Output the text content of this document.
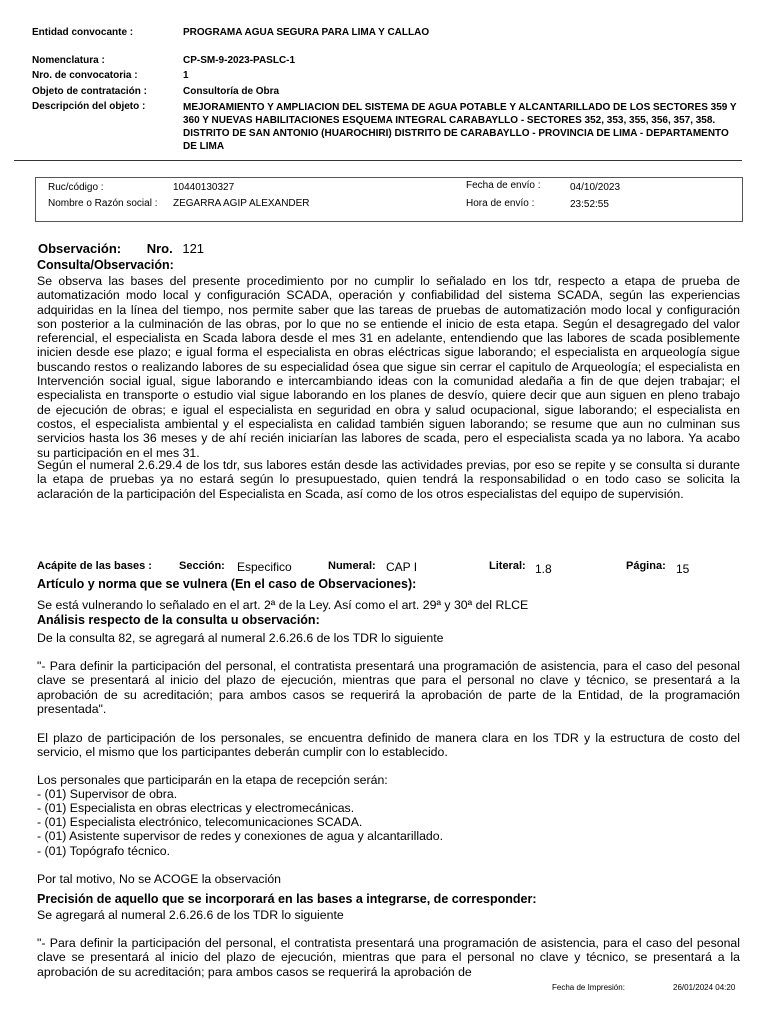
Entidad convocante :	PROGRAMA AGUA SEGURA PARA LIMA Y CALLAO
Nomenclatura :	CP-SM-9-2023-PASLC-1
Nro. de convocatoria :	1
Objeto de contratación :	Consultoría de Obra
Descripción del objeto :	MEJORAMIENTO Y AMPLIACION DEL SISTEMA DE AGUA POTABLE Y ALCANTARILLADO DE LOS SECTORES 359 Y 360 Y NUEVAS HABILITACIONES ESQUEMA INTEGRAL CARABAYLLO - SECTORES 352, 353, 355, 356, 357, 358. DISTRITO DE SAN ANTONIO (HUAROCHIRI) DISTRITO DE CARABAYLLO - PROVINCIA DE LIMA - DEPARTAMENTO DE LIMA
Ruc/código :	10440130327	Fecha de envío :	04/10/2023
Nombre o Razón social : ZEGARRA AGIP ALEXANDER	Hora de envío :	23:52:55
Observación: Nro. 121
Consulta/Observación:
Se observa las bases del presente procedimiento por no cumplir lo señalado en los tdr, respecto a etapa de prueba de automatización modo local y configuración SCADA, operación y confiabilidad del sistema SCADA, según las experiencias adquiridas en la línea del tiempo, nos permite saber que las tareas de pruebas de automatización modo local y configuración son posterior a la culminación de las obras, por lo que no se entiende el inicio de esta etapa. Según el desagregado del valor referencial, el especialista en Scada labora desde el mes 31 en adelante, entendiendo que las labores de scada posiblemente inicien desde ese plazo; e igual forma el especialista en obras eléctricas sigue laborando; el especialista en arqueología sigue buscando restos o realizando labores de su especialidad ósea que sigue sin cerrar el capitulo de Arqueología; el especialista en Intervención social igual, sigue laborando e intercambiando ideas con la comunidad aledaña a fin de que dejen trabajar; el especialista en transporte o estudio vial sigue laborando en los planes de desvío, quiere decir que aun siguen en pleno trabajo de ejecución de obras; e igual el especialista en seguridad en obra y salud ocupacional, sigue laborando; el especialista en costos, el especialista ambiental y el especialista en calidad también siguen laborando; se resume que aun no culminan sus servicios hasta los 36 meses y de ahí recién iniciarían las labores de scada, pero el especialista scada ya no labora. Ya acabo su participación en el mes 31.
Según el numeral 2.6.29.4 de los tdr, sus labores están desde las actividades previas, por eso se repite y se consulta si durante la etapa de pruebas ya no estará según lo presupuestado, quien tendrá la responsabilidad o en todo caso se solicita la aclaración de la participación del Especialista en Scada, así como de los otros especialistas del equipo de supervisión.
Acápite de las bases : Sección: Especifico	Numeral: CAP I	Literal: 1.8	Página: 15
Artículo y norma que se vulnera (En el caso de Observaciones):
Se está vulnerando lo señalado en el art. 2ª de la Ley. Así como el art. 29ª y 30ª del RLCE
Análisis respecto de la consulta u observación:
De la consulta 82, se agregará al numeral 2.6.26.6 de los TDR lo siguiente
"- Para definir la participación del personal, el contratista presentará una programación de asistencia, para el caso del pesonal clave se presentará al inicio del plazo de ejecución, mientras que para el personal no clave y técnico, se presentará a la aprobación de su acreditación; para ambos casos se requerirá la aprobación de parte de la Entidad, de la programación presentada".
El plazo de participación de los personales, se encuentra definido de manera clara en los TDR y la estructura de costo del servicio, el mismo que los participantes deberán cumplir con lo establecido.
Los personales que participarán en la etapa de recepción serán:
- (01) Supervisor de obra.
- (01) Especialista en obras electricas y electromecánicas.
- (01) Especialista electrónico, telecomunicaciones SCADA.
- (01) Asistente supervisor de redes y conexiones de agua y alcantarillado.
- (01) Topógrafo técnico.
Por tal motivo, No se ACOGE la observación
Precisión de aquello que se incorporará en las bases a integrarse, de corresponder:
Se agregará al numeral 2.6.26.6 de los TDR lo siguiente
"- Para definir la participación del personal, el contratista presentará una programación de asistencia, para el caso del pesonal clave se presentará al inicio del plazo de ejecución, mientras que para el personal no clave y técnico, se presentará a la aprobación de su acreditación; para ambos casos se requerirá la aprobación de
Fecha de Impresión:	26/01/2024 04:20
